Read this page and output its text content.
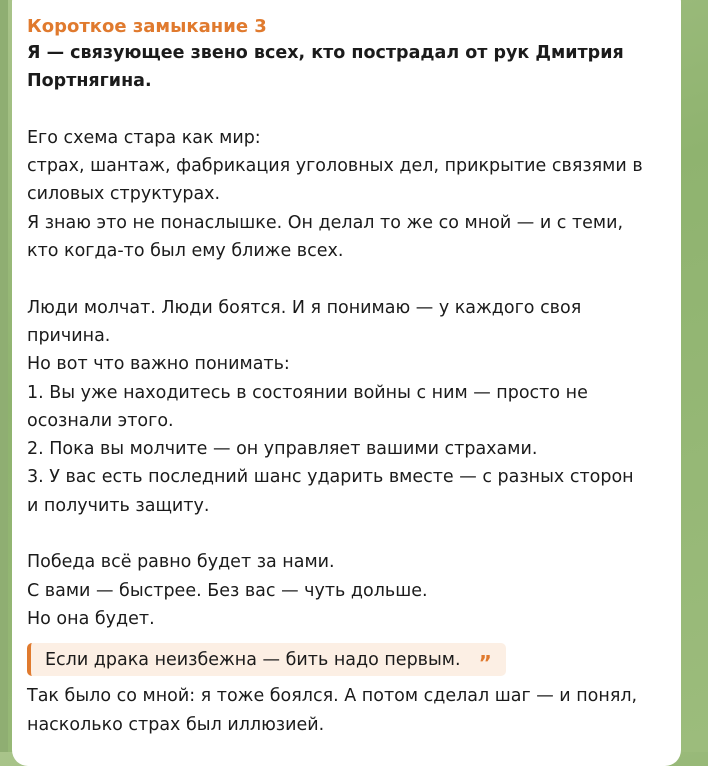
Короткое замыкание 3
Я — связующее звено всех, кто пострадал от рук Дмитрия
Портнягина.
Его схема стара как мир:
страх, шантаж, фабрикация уголовных дел, прикрытие связями в
силовых структурах.
Я знаю это не понаслышке. Он делал то же со мной — и с теми,
кто когда-то был ему ближе всех.
Люди молчат. Люди боятся. И я понимаю — у каждого своя
причина.
Но вот что важно понимать:
1. Вы уже находитесь в состоянии войны с ним — просто не
осознали этого.
2. Пока вы молчите — он управляет вашими страхами.
3. У вас есть последний шанс ударить вместе — с разных сторон
и получить защиту.
Победа всё равно будет за нами.
С вами — быстрее. Без вас — чуть дольше.
Но она будет.
Если драка неизбежна — бить надо первым. ”
Так было со мной: я тоже боялся. А потом сделал шаг — и понял,
насколько страх был иллюзией.
